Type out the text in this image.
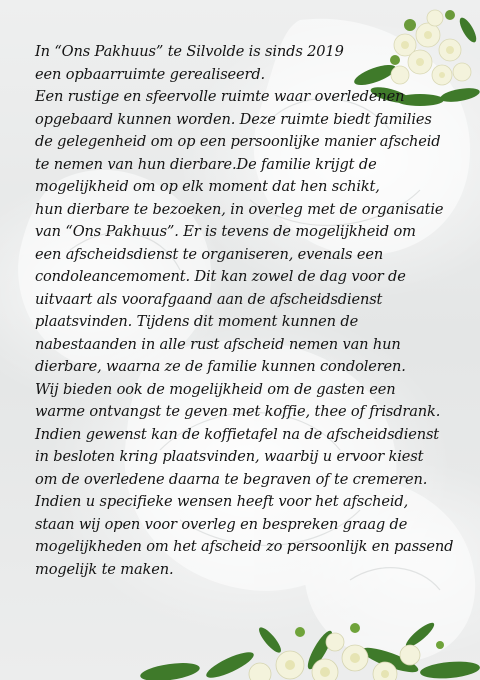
In “Ons Pakhuus” te Silvolde is sinds 2019
een opbaarruimte gerealiseerd.
Een rustige en sfeervolle ruimte waar overledenen
opgebaard kunnen worden. Deze ruimte biedt families
de gelegenheid om op een persoonlijke manier afscheid
te nemen van hun dierbare.De familie krijgt de
mogelijkheid om op elk moment dat hen schikt,
hun dierbare te bezoeken, in overleg met de organisatie
van “Ons Pakhuus”. Er is tevens de mogelijkheid om
een afscheidsdienst te organiseren, evenals een
condoleancemoment. Dit kan zowel de dag voor de
uitvaart als voorafgaand aan de afscheidsdienst
plaatsvinden. Tijdens dit moment kunnen de
nabestaanden in alle rust afscheid nemen van hun
dierbare, waarna ze de familie kunnen condoleren.
Wij bieden ook de mogelijkheid om de gasten een
warme ontvangst te geven met koffie, thee of frisdrank.
Indien gewenst kan de koffietafel na de afscheidsdienst
in besloten kring plaatsvinden, waarbij u ervoor kiest
om de overledene daarna te begraven of te cremeren.
Indien u specifieke wensen heeft voor het afscheid,
staan wij open voor overleg en bespreken graag de
mogelijkheden om het afscheid zo persoonlijk en passend
mogelijk te maken.
